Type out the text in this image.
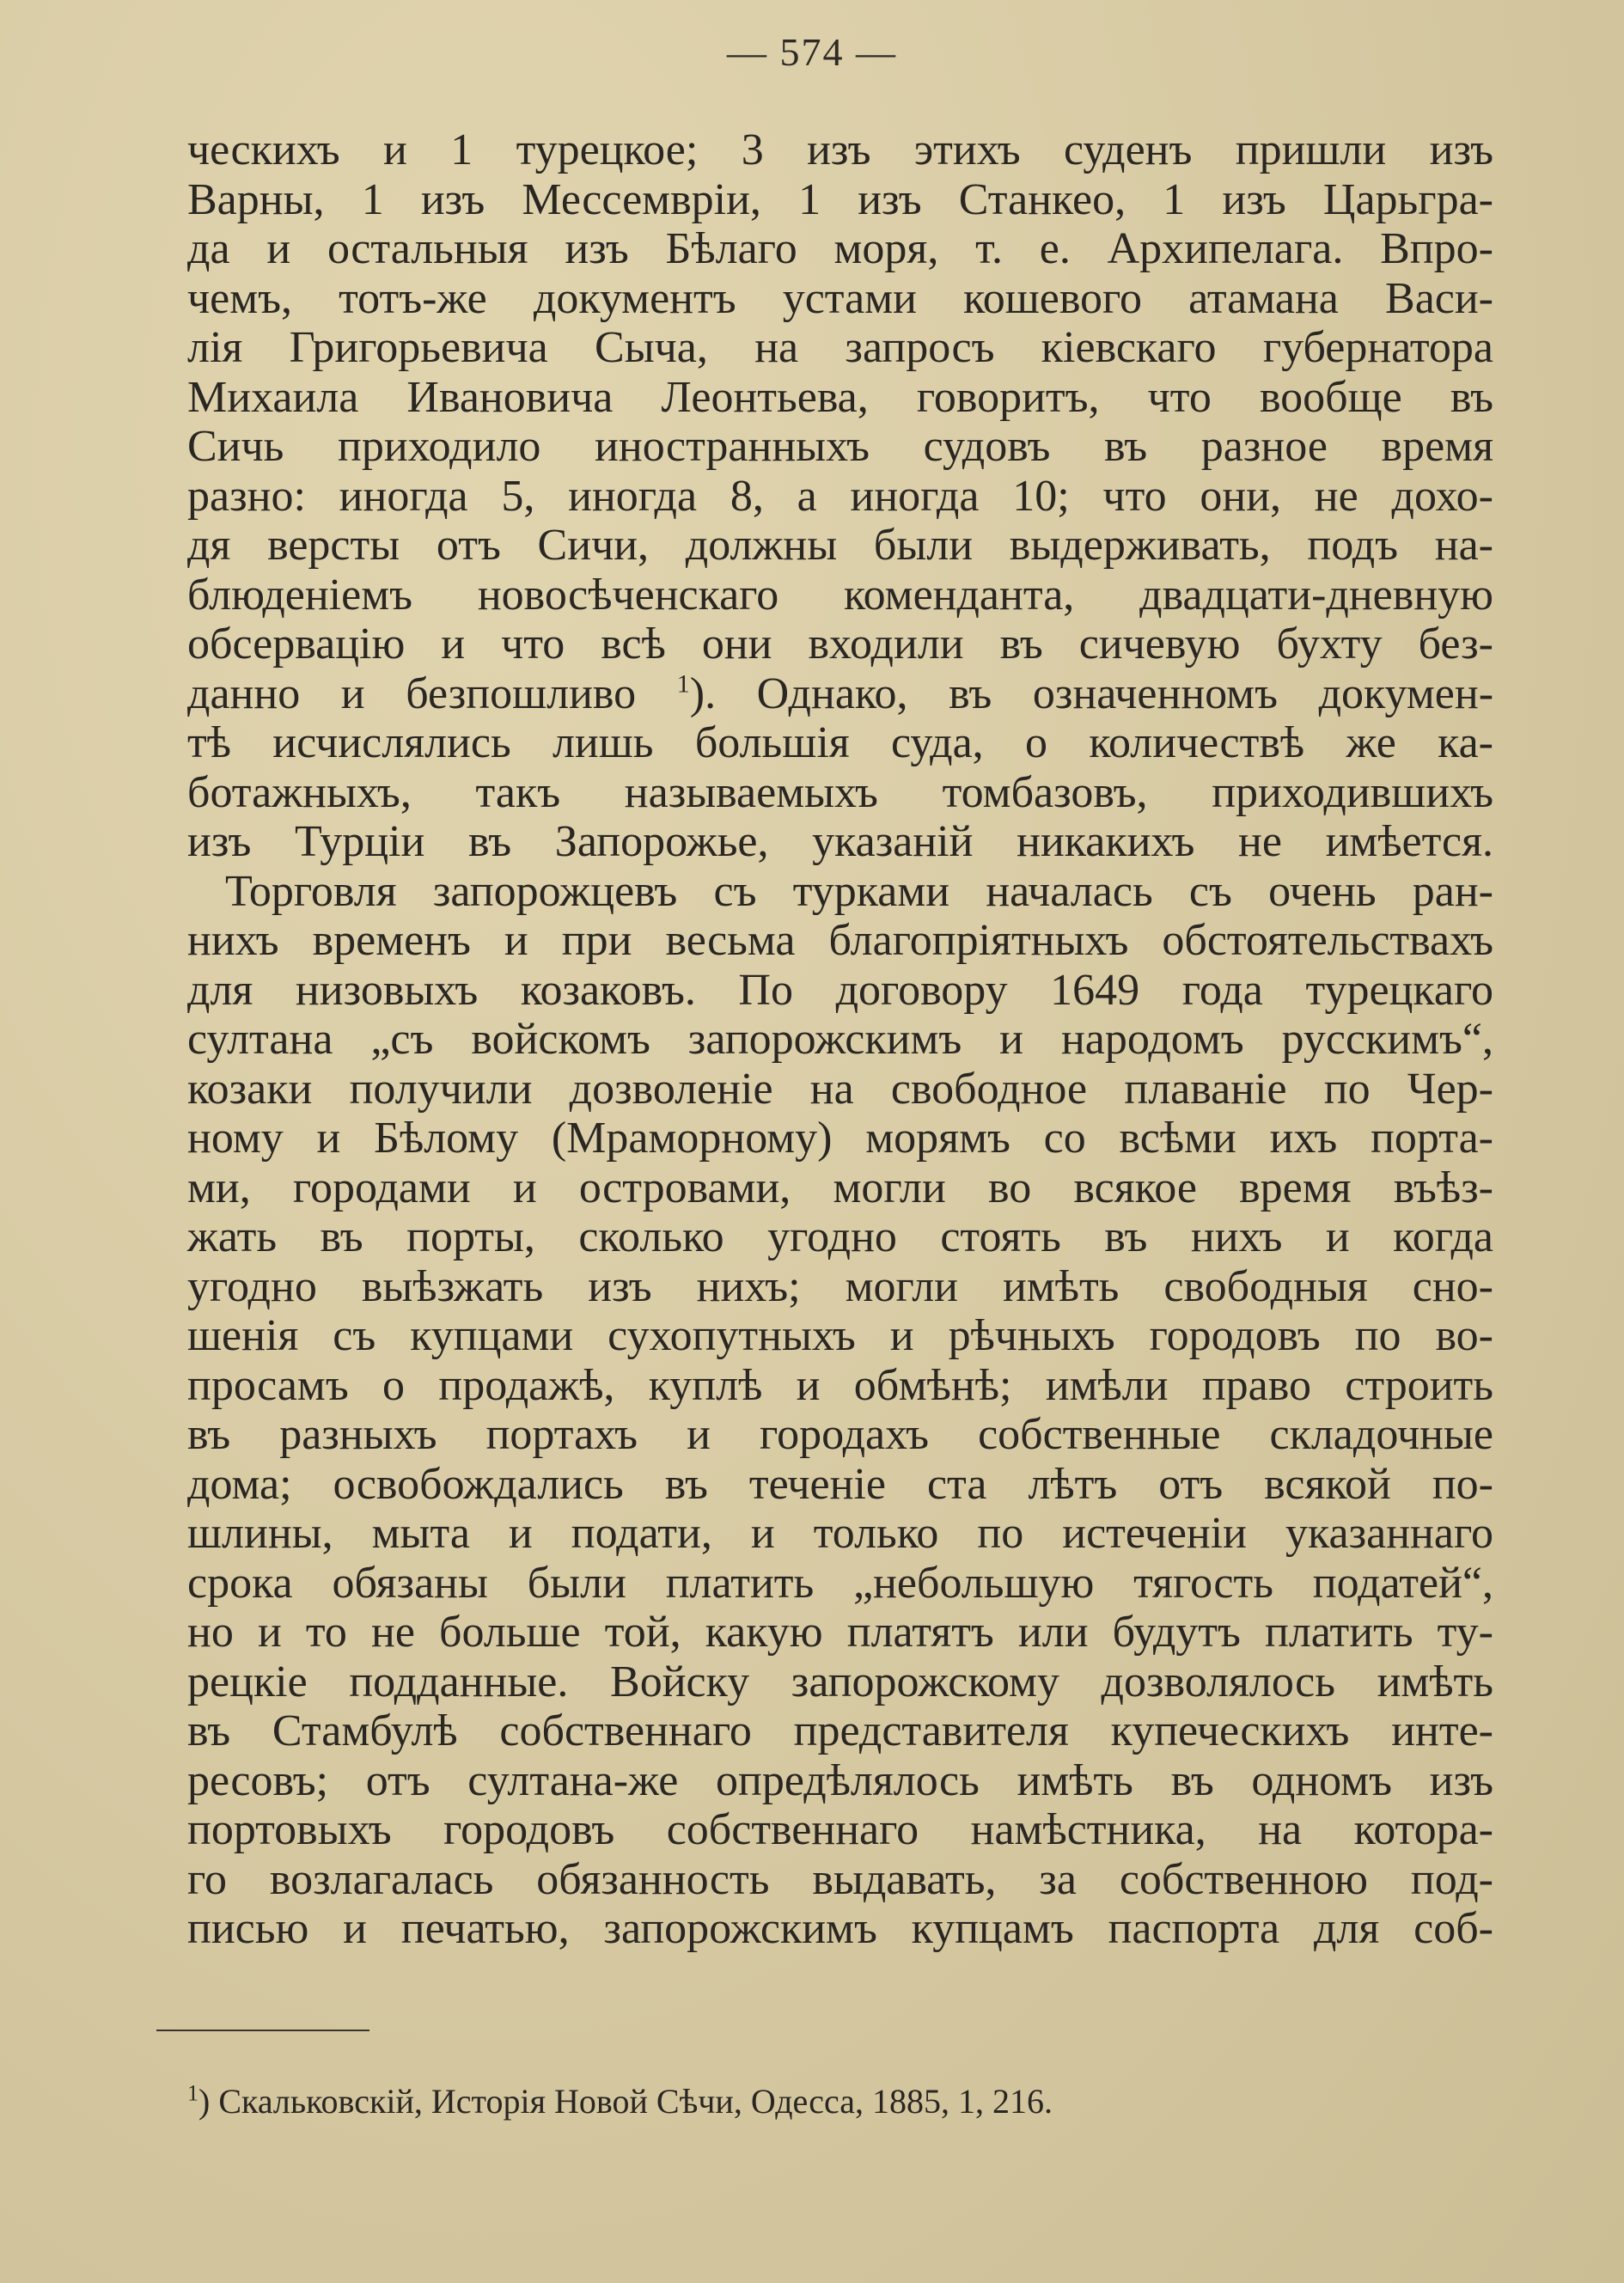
— 574 —
ческихъ и 1 турецкое; 3 изъ этихъ суденъ пришли изъ
Варны, 1 изъ Мессемврiи, 1 изъ Станкео, 1 изъ Царьгра-
да и остальныя изъ Бѣлаго моря, т. е. Архипелага. Впро-
чемъ, тотъ-же документъ устами кошевого атамана Васи-
лiя Григорьевича Сыча, на запросъ кiевскаго губернатора
Михаила Ивановича Леонтьева, говоритъ, что вообще въ
Сичь приходило иностранныхъ судовъ въ разное время
разно: иногда 5, иногда 8, а иногда 10; что они, не дохо-
дя версты отъ Сичи, должны были выдерживать, подъ на-
блюденiемъ новосѣченскаго коменданта, двадцати-дневную
обсервацiю и что всѣ они входили въ сичевую бухту без-
данно и безпошливо $^1$). Однако, въ означенномъ докумен-
тѣ исчислялись лишь большiя суда, о количествѣ же ка-
ботажныхъ, такъ называемыхъ томбазовъ, приходившихъ
изъ Турцiи въ Запорожье, указанiй никакихъ не имѣется.
Торговля запорожцевъ съ турками началась съ очень ран-
нихъ временъ и при весьма благопрiятныхъ обстоятельствахъ
для низовыхъ козаковъ. По договору 1649 года турецкаго
султана „съ войскомъ запорожскимъ и народомъ русскимъ“,
козаки получили дозволенiе на свободное плаванiе по Чер-
ному и Бѣлому (Мраморному) морямъ со всѣми ихъ порта-
ми, городами и островами, могли во всякое время въѣз-
жать въ порты, сколько угодно стоять въ нихъ и когда
угодно выѣзжать изъ нихъ; могли имѣть свободныя сно-
шенiя съ купцами сухопутныхъ и рѣчныхъ городовъ по во-
просамъ о продажѣ, куплѣ и обмѣнѣ; имѣли право строить
въ разныхъ портахъ и городахъ собственные складочные
дома; освобождались въ теченiе ста лѣтъ отъ всякой по-
шлины, мыта и подати, и только по истеченiи указаннаго
срока обязаны были платить „небольшую тягость податей“,
но и то не больше той, какую платятъ или будутъ платить ту-
рецкiе подданные. Войску запорожскому дозволялось имѣть
въ Стамбулѣ собственнаго представителя купеческихъ инте-
ресовъ; отъ султана-же опредѣлялось имѣть въ одномъ изъ
портовыхъ городовъ собственнаго намѣстника, на котора-
го возлагалась обязанность выдавать, за собственною под-
писью и печатью, запорожскимъ купцамъ паспорта для соб-
$^1$) Скальковскiй, Исторiя Новой Сѣчи, Одесса, 1885, 1, 216.
